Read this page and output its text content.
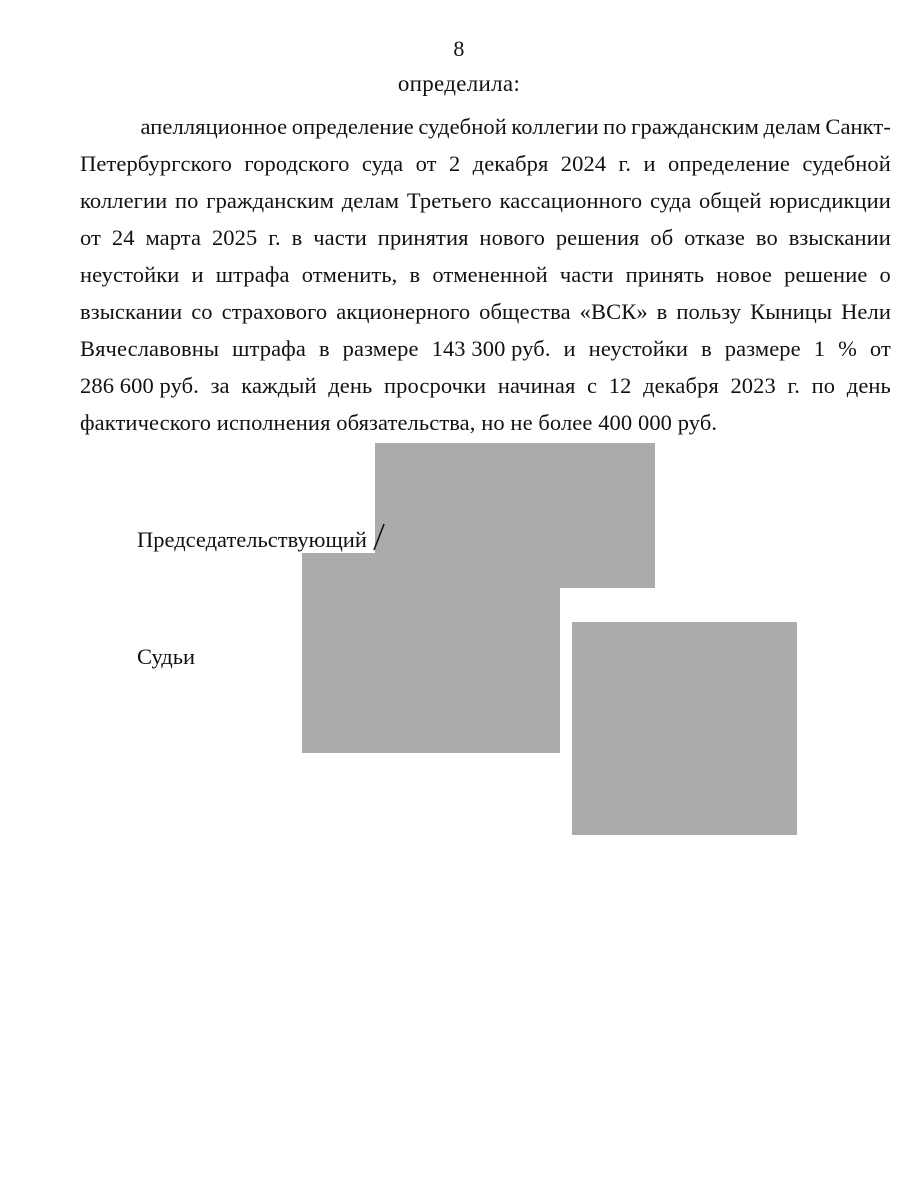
8
определила:
апелляционное определение судебной коллегии по гражданским делам Санкт-
Петербургского городского суда от 2 декабря 2024 г. и определение судебной
коллегии по гражданским делам Третьего кассационного суда общей юрисдикции
от 24 марта 2025 г. в части принятия нового решения об отказе во взыскании
неустойки и штрафа отменить, в отмененной части принять новое решение о
взыскании со страхового акционерного общества «ВСК» в пользу Кыницы Нели
Вячеславовны штрафа в размере 143 300 руб. и неустойки в размере 1 % от
286 600 руб. за каждый день просрочки начиная с 12 декабря 2023 г. по день
фактического исполнения обязательства, но не более 400 000 руб.
Председательствующий
Судьи
